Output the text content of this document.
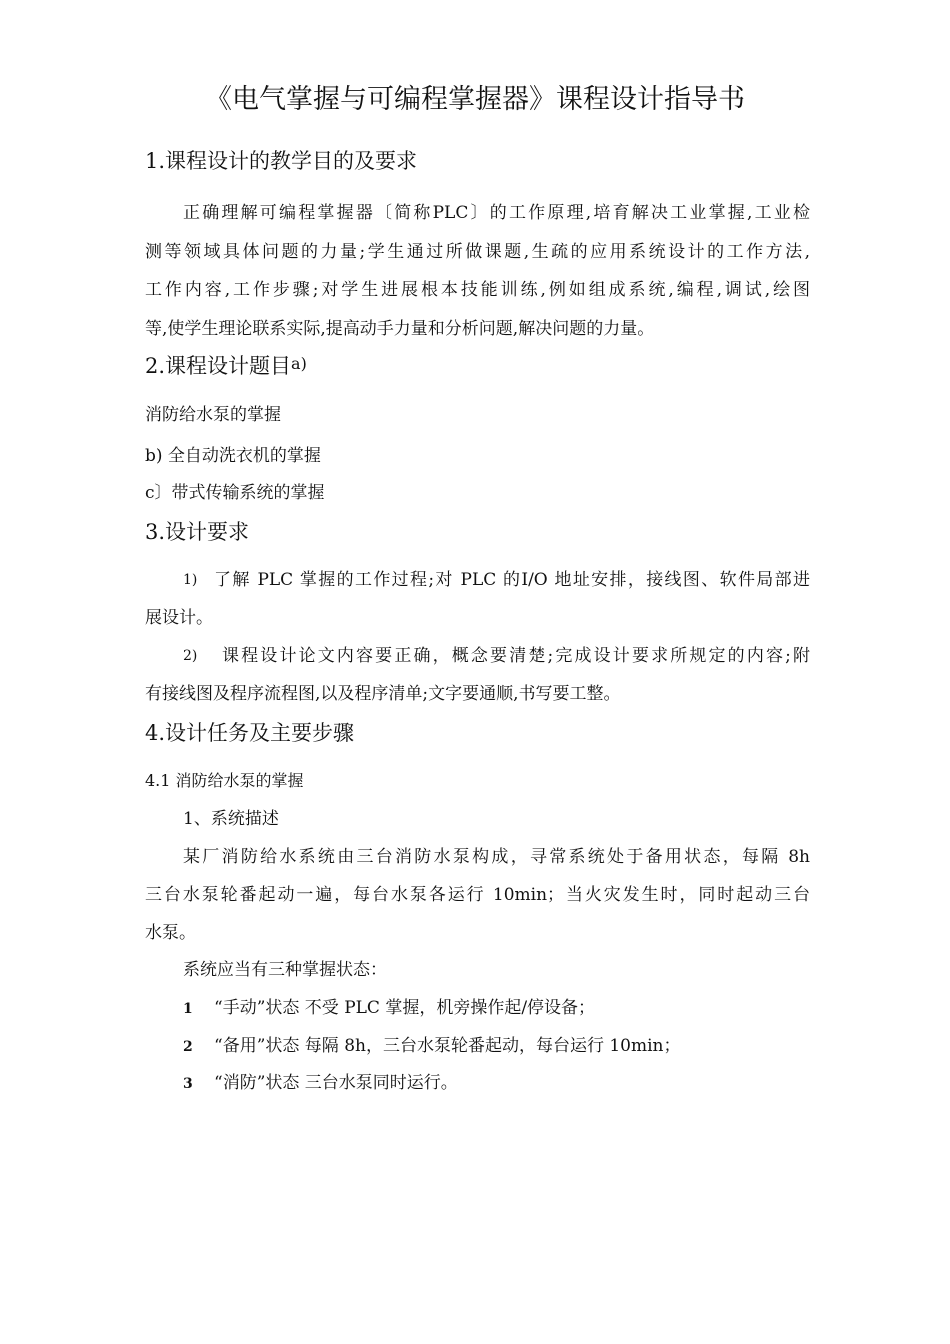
《电气掌握与可编程掌握器》课程设计指导书
1.课程设计的教学目的及要求
正确理解可编程掌握器〔简称PLC〕的工作原理,培育解决工业掌握,工业检
测等领域具体问题的力量;学生通过所做课题,生疏的应用系统设计的工作方法,
工作内容,工作步骤;对学生进展根本技能训练,例如组成系统,编程,调试,绘图
等,使学生理论联系实际,提高动手力量和分析问题,解决问题的力量。
2.课程设计题目$^{a)}$
消防给水泵的掌握
b) 全自动洗衣机的掌握
c〕带式传输系统的掌握
3.设计要求
1) 了解 PLC 掌握的工作过程;对 PLC 的I/O 地址安排，接线图、软件局部进
展设计。
2) 课程设计论文内容要正确，概念要清楚;完成设计要求所规定的内容;附
有接线图及程序流程图,以及程序清单;文字要通顺,书写要工整。
4.设计任务及主要步骤
4.1 消防给水泵的掌握
1、系统描述
某厂消防给水系统由三台消防水泵构成，寻常系统处于备用状态，每隔 8h
三台水泵轮番起动一遍，每台水泵各运行 10min；当火灾发生时，同时起动三台
水泵。
系统应当有三种掌握状态：
1 “手动”状态 不受 PLC 掌握，机旁操作起/停设备；
2 “备用”状态 每隔 8h，三台水泵轮番起动，每台运行 10min；
3 “消防”状态 三台水泵同时运行。
